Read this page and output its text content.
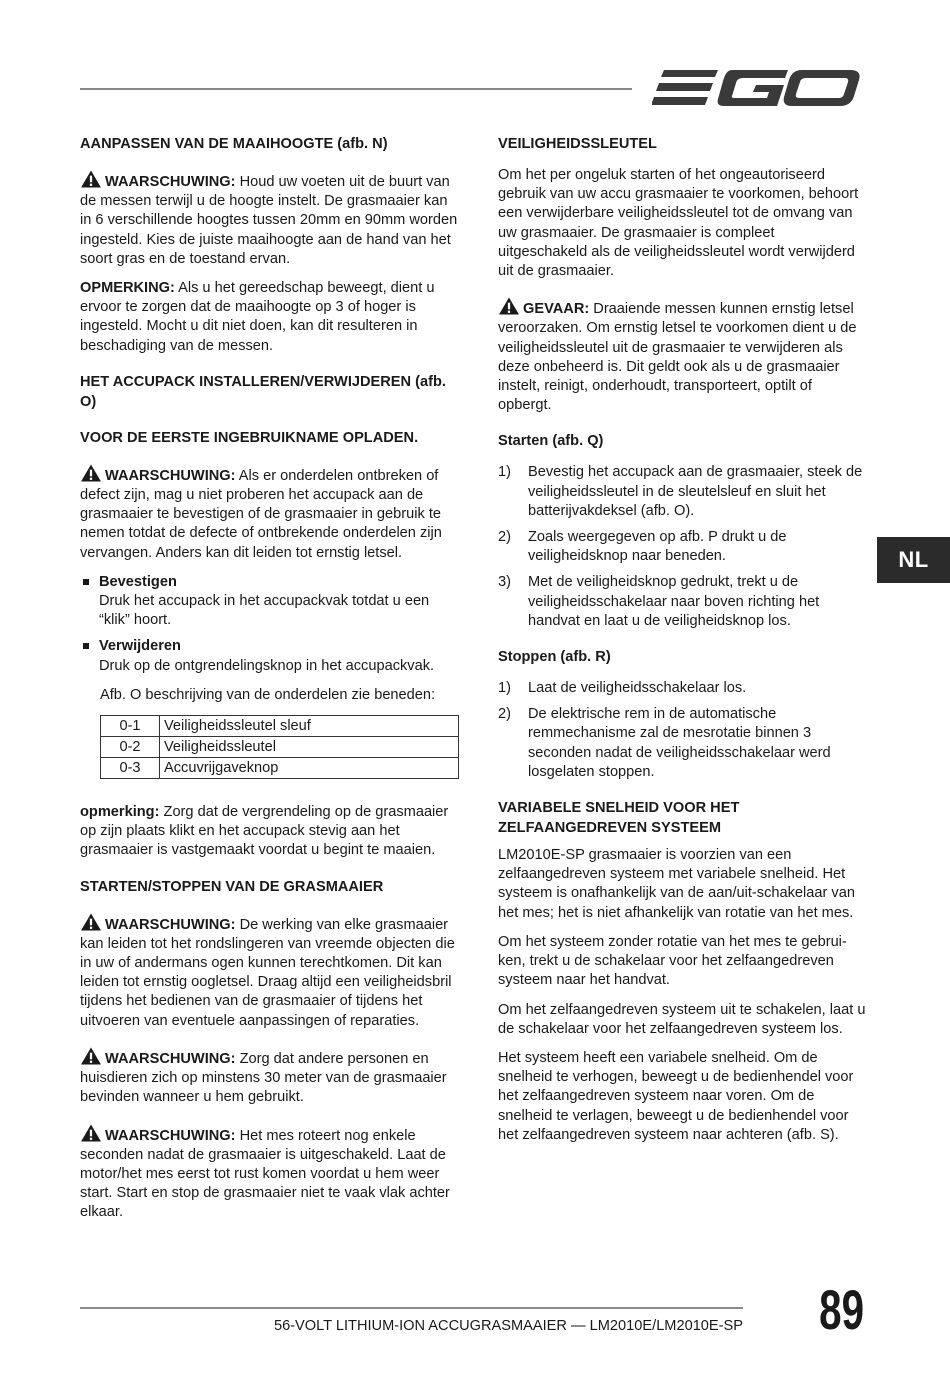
NL
AANPASSEN VAN DE MAAIHOOGTE (afb. N)

WAARSCHUWING: Houd uw voeten uit de buurt van de messen terwijl u de hoogte instelt. De grasmaaier kan in 6 verschillende hoogtes tussen 20mm en 90mm worden ingesteld. Kies de juiste maaihoogte aan de hand van het soort gras en de toestand ervan.

OPMERKING: Als u het gereedschap beweegt, dient u ervoor te zorgen dat de maaihoogte op 3 of hoger is ingesteld. Mocht u dit niet doen, kan dit resulteren in beschadiging van de messen.

HET ACCUPACK INSTALLEREN/VERWIJDEREN (afb. O)
VOOR DE EERSTE INGEBRUIKNAME OPLADEN.

WAARSCHUWING: Als er onderdelen ontbreken of defect zijn, mag u niet proberen het accupack aan de grasmaaier te bevestigen of de grasmaaier in gebruik te nemen totdat de defecte of ontbrekende onderdelen zijn vervangen. Anders kan dit leiden tot ernstig letsel.

Bevestigen
Druk het accupack in het accupackvak totdat u een “klik” hoort.
Verwijderen
Druk op de ontgrendelingsknop in het accupackvak.

Afb. O beschrijving van de onderdelen zie beneden:

0-1	Veiligheidssleutel sleuf
0-2	Veiligheidssleutel
0-3	Accuvrijgaveknop

opmerking: Zorg dat de vergrendeling op de grasmaaier op zijn plaats klikt en het accupack stevig aan het grasmaaier is vastgemaakt voordat u begint te maaien.

STARTEN/STOPPEN VAN DE GRASMAAIER

WAARSCHUWING: De werking van elke grasmaaier kan leiden tot het rondslingeren van vreemde objecten die in uw of andermans ogen kunnen terechtkomen. Dit kan leiden tot ernstig oogletsel. Draag altijd een veiligheidsbril tijdens het bedienen van de grasmaaier of tijdens het uitvoeren van eventuele aanpassingen of reparaties.

WAARSCHUWING: Zorg dat andere personen en huisdieren zich op minstens 30 meter van de grasmaaier bevinden wanneer u hem gebruikt.

WAARSCHUWING: Het mes roteert nog enkele seconden nadat de grasmaaier is uitgeschakeld. Laat de motor/het mes eerst tot rust komen voordat u hem weer start. Start en stop de grasmaaier niet te vaak vlak achter elkaar.

VEILIGHEIDSSLEUTEL

Om het per ongeluk starten of het ongeautoriseerd gebruik van uw accu grasmaaier te voorkomen, behoort een verwijderbare veiligheidssleutel tot de omvang van uw grasmaaier. De grasmaaier is compleet uitgeschakeld als de veiligheidssleutel wordt verwijderd uit de grasmaaier.

GEVAAR: Draaiende messen kunnen ernstig letsel veroorzaken. Om ernstig letsel te voorkomen dient u de veiligheidssleutel uit de grasmaaier te verwijderen als deze onbeheerd is. Dit geldt ook als u de grasmaaier instelt, reinigt, onderhoudt, transporteert, optilt of opbergt.

Starten (afb. Q)
1) Bevestig het accupack aan de grasmaaier, steek de veiligheidssleutel in de sleutelsleuf en sluit het batterijvakdeksel (afb. O).
2) Zoals weergegeven op afb. P drukt u de veiligheidsknop naar beneden.
3) Met de veiligheidsknop gedrukt, trekt u de veiligheidsschakelaar naar boven richting het handvat en laat u de veiligheidsknop los.
Stoppen (afb. R)
1) Laat de veiligheidsschakelaar los.
2) De elektrische rem in de automatische remmechanisme zal de mesrotatie binnen 3 seconden nadat de veiligheidsschakelaar werd losgelaten stoppen.
VARIABELE SNELHEID VOOR HET ZELFAANGEDREVEN SYSTEEM

LM2010E-SP grasmaaier is voorzien van een zelfaangedreven systeem met variabele snelheid. Het systeem is onafhankelijk van de aan/uit-schakelaar van het mes; het is niet afhankelijk van rotatie van het mes.

Om het systeem zonder rotatie van het mes te gebrui-ken, trekt u de schakelaar voor het zelfaangedreven systeem naar het handvat.

Om het zelfaangedreven systeem uit te schakelen, laat u de schakelaar voor het zelfaangedreven systeem los.

Het systeem heeft een variabele snelheid. Om de snelheid te verhogen, beweegt u de bedienhendel voor het zelfaangedreven systeem naar voren. Om de snelheid te verlagen, beweegt u de bedienhendel voor het zelfaangedreven systeem naar achteren (afb. S).

56-VOLT LITHIUM-ION ACCUGRASMAAIER — LM2010E/LM2010E-SP 89
